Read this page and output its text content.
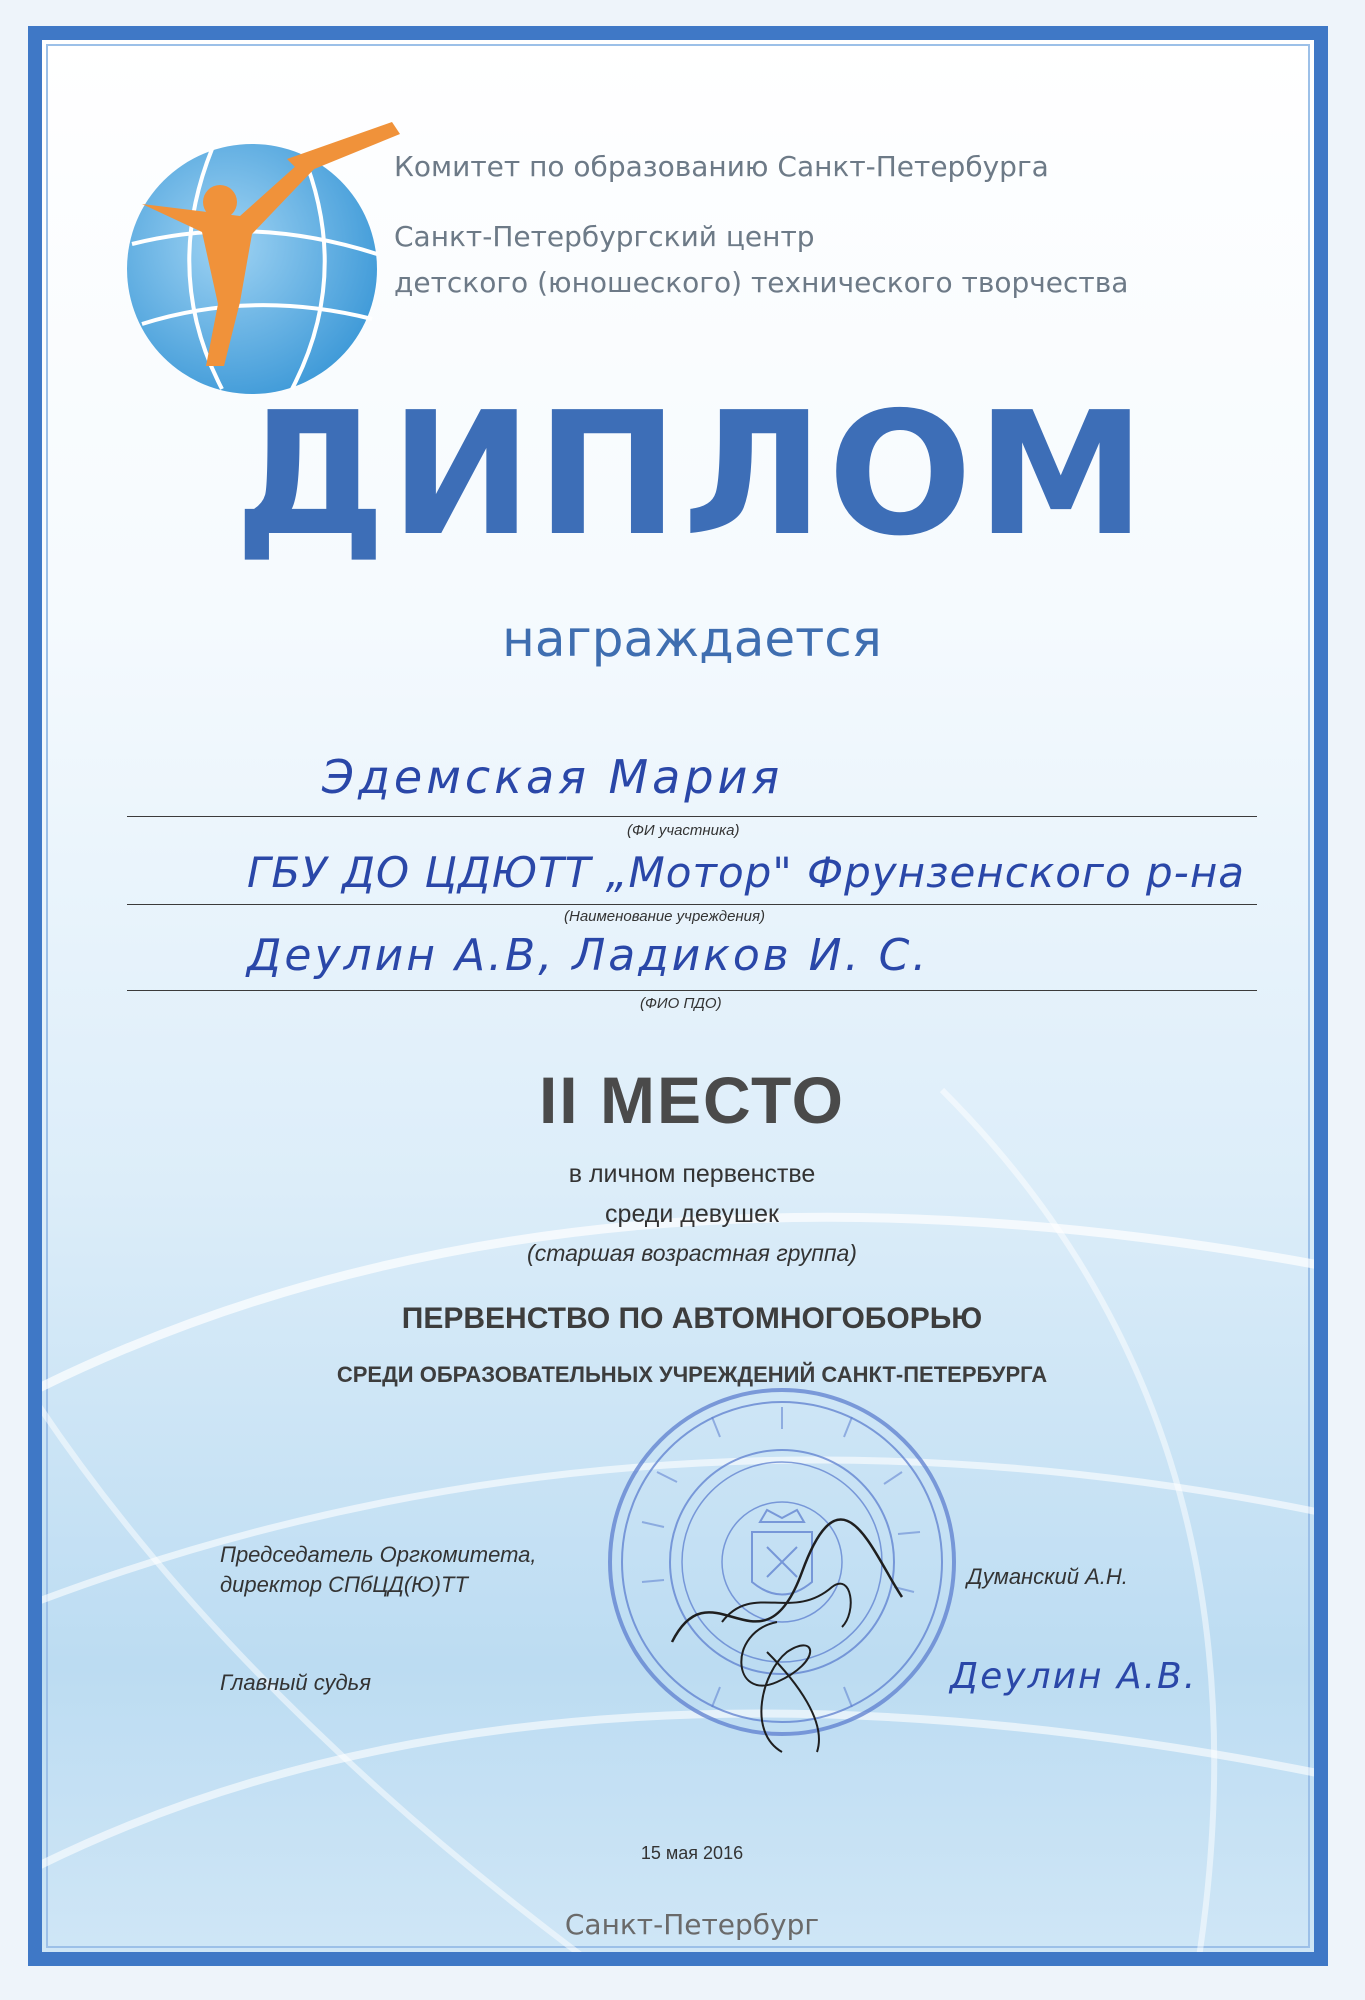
Комитет по образованию Санкт-Петербурга
Санкт-Петербургский центр
детского (юношеского) технического творчества
ДИПЛОМ
награждается
Эдемская Мария
(ФИ участника)
ГБУ ДО ЦДЮТТ „Мотор" Фрунзенского р-на
(Наименование учреждения)
Деулин А.В, Ладиков И. С.
(ФИО ПДО)
II МЕСТО
в личном первенстве
среди девушек
(старшая возрастная группа)
ПЕРВЕНСТВО ПО АВТОМНОГОБОРЬЮ
СРЕДИ ОБРАЗОВАТЕЛЬНЫХ УЧРЕЖДЕНИЙ САНКТ-ПЕТЕРБУРГА
Председатель Оргкомитета,
директор СПбЦД(Ю)ТТ	Думанский А.Н.
Главный судья	Деулин А.В.
15 мая 2016
Санкт-Петербург
